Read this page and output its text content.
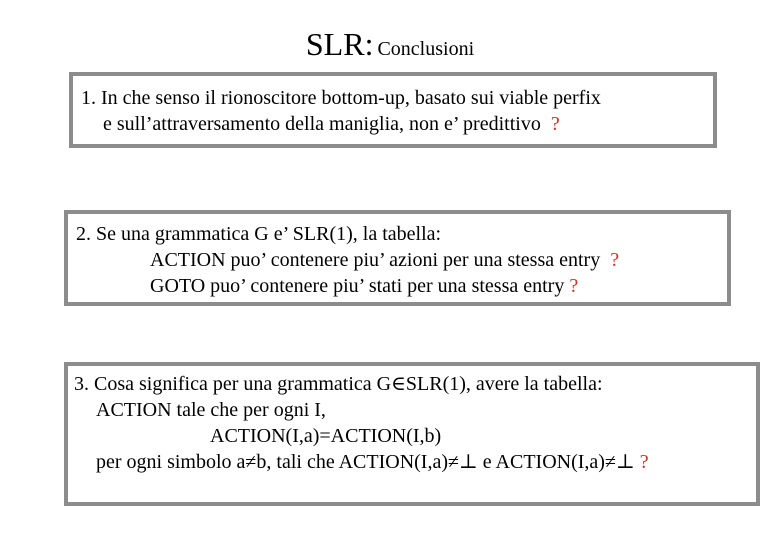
SLR: Conclusioni
1. In che senso il rionoscitore bottom-up, basato sui viable perfix
e sull’attraversamento della maniglia, non e’ predittivo ?
2. Se una grammatica G e’ SLR(1), la tabella:
ACTION puo’ contenere piu’ azioni per una stessa entry ?
GOTO puo’ contenere piu’ stati per una stessa entry ?
3. Cosa significa per una grammatica G∈SLR(1), avere la tabella:
ACTION tale che per ogni I,
ACTION(I,a)=ACTION(I,b)
per ogni simbolo a≠b, tali che ACTION(I,a)≠⊥ e ACTION(I,a)≠⊥ ?
